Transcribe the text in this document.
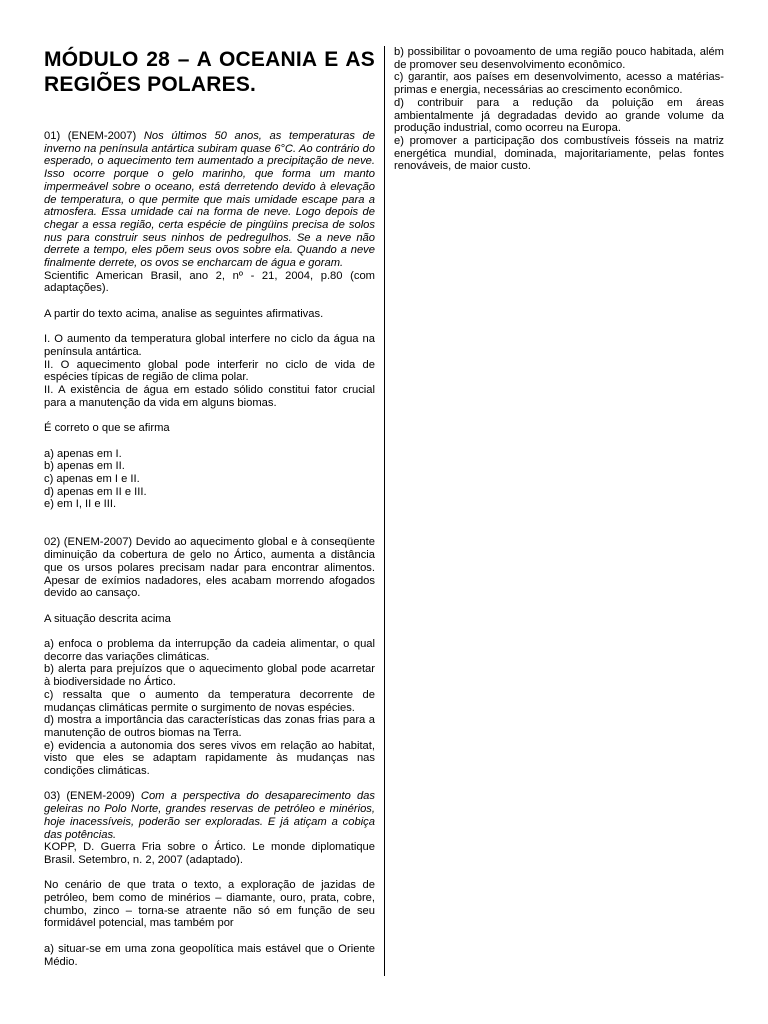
MÓDULO 28 – A OCEANIA E AS REGIÕES POLARES.

01) (ENEM-2007) Nos últimos 50 anos, as temperaturas de inverno na península antártica subiram quase 6°C. Ao contrário do esperado, o aquecimento tem aumentado a precipitação de neve. Isso ocorre porque o gelo marinho, que forma um manto impermeável sobre o oceano, está derretendo devido à elevação de temperatura, o que permite que mais umidade escape para a atmosfera. Essa umidade cai na forma de neve. Logo depois de chegar a essa região, certa espécie de pingüins precisa de solos nus para construir seus ninhos de pedregulhos. Se a neve não derrete a tempo, eles põem seus ovos sobre ela. Quando a neve finalmente derrete, os ovos se encharcam de água e goram.

Scientific American Brasil, ano 2, nº - 21, 2004, p.80 (com adaptações).

A partir do texto acima, analise as seguintes afirmativas.

I. O aumento da temperatura global interfere no ciclo da água na península antártica.

II. O aquecimento global pode interferir no ciclo de vida de espécies típicas de região de clima polar.

II. A existência de água em estado sólido constitui fator crucial para a manutenção da vida em alguns biomas.

É correto o que se afirma

a) apenas em I.

b) apenas em II.

c) apenas em I e II.

d) apenas em II e III.

e) em I, II e III.

02) (ENEM-2007) Devido ao aquecimento global e à conseqüente diminuição da cobertura de gelo no Ártico, aumenta a distância que os ursos polares precisam nadar para encontrar alimentos. Apesar de exímios nadadores, eles acabam morrendo afogados devido ao cansaço.

A situação descrita acima

a) enfoca o problema da interrupção da cadeia alimentar, o qual decorre das variações climáticas.

b) alerta para prejuízos que o aquecimento global pode acarretar à biodiversidade no Ártico.

c) ressalta que o aumento da temperatura decorrente de mudanças climáticas permite o surgimento de novas espécies.

d) mostra a importância das características das zonas frias para a manutenção de outros biomas na Terra.

e) evidencia a autonomia dos seres vivos em relação ao habitat, visto que eles se adaptam rapidamente às mudanças nas condições climáticas.

03) (ENEM-2009) Com a perspectiva do desaparecimento das geleiras no Polo Norte, grandes reservas de petróleo e minérios, hoje inacessíveis, poderão ser exploradas. E já atiçam a cobiça das potências.

KOPP, D. Guerra Fria sobre o Ártico. Le monde diplomatique Brasil. Setembro, n. 2, 2007 (adaptado).

No cenário de que trata o texto, a exploração de jazidas de petróleo, bem como de minérios – diamante, ouro, prata, cobre, chumbo, zinco – torna-se atraente não só em função de seu formidável potencial, mas também por

a) situar-se em uma zona geopolítica mais estável que o Oriente Médio.

b) possibilitar o povoamento de uma região pouco habitada, além de promover seu desenvolvimento econômico.

c) garantir, aos países em desenvolvimento, acesso a matérias-primas e energia, necessárias ao crescimento econômico.

d) contribuir para a redução da poluição em áreas ambientalmente já degradadas devido ao grande volume da produção industrial, como ocorreu na Europa.

e) promover a participação dos combustíveis fósseis na matriz energética mundial, dominada, majoritariamente, pelas fontes renováveis, de maior custo.
